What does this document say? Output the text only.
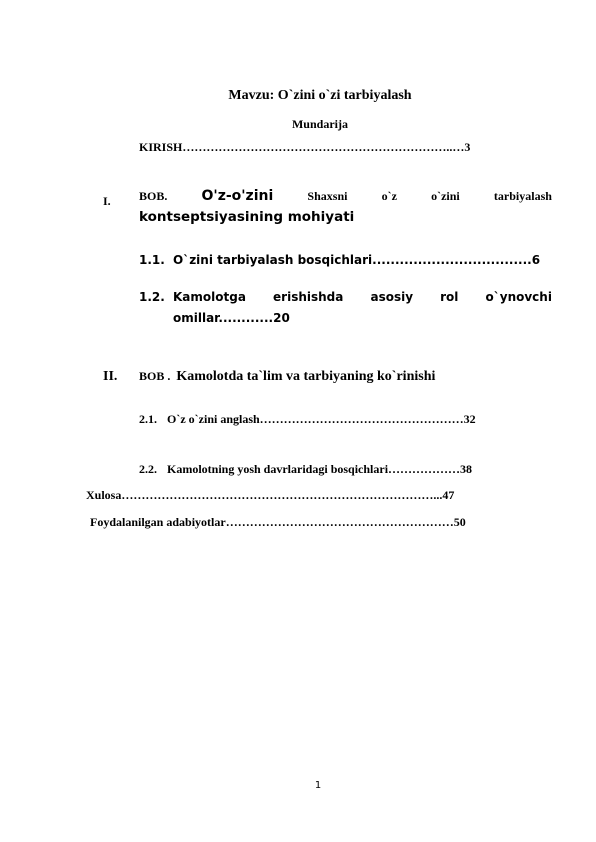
Mavzu: O`zini o`zi tarbiyalash
Mundarija
KIRISH…………………………………………………………..…3
I. BOB. O'z-o'zini	Shaxsni	o`z	o`zini	tarbiyalash
kontseptsiyasining mohiyati
1.1. O`zini tarbiyalash bosqichlari...................................6
1.2. Kamolotga erishishda asosiy rol o`ynovchi
omillar............20
II. BOB . Kamolotda ta`lim va tarbiyaning ko`rinishi
2.1. O`z o`zini anglash……………………………………………32
2.2. Kamolotning yosh davrlaridagi bosqichlari………………38
Xulosa……………………………………………………………………...47
Foydalanilgan adabiyotlar…………………………………………………50
1
